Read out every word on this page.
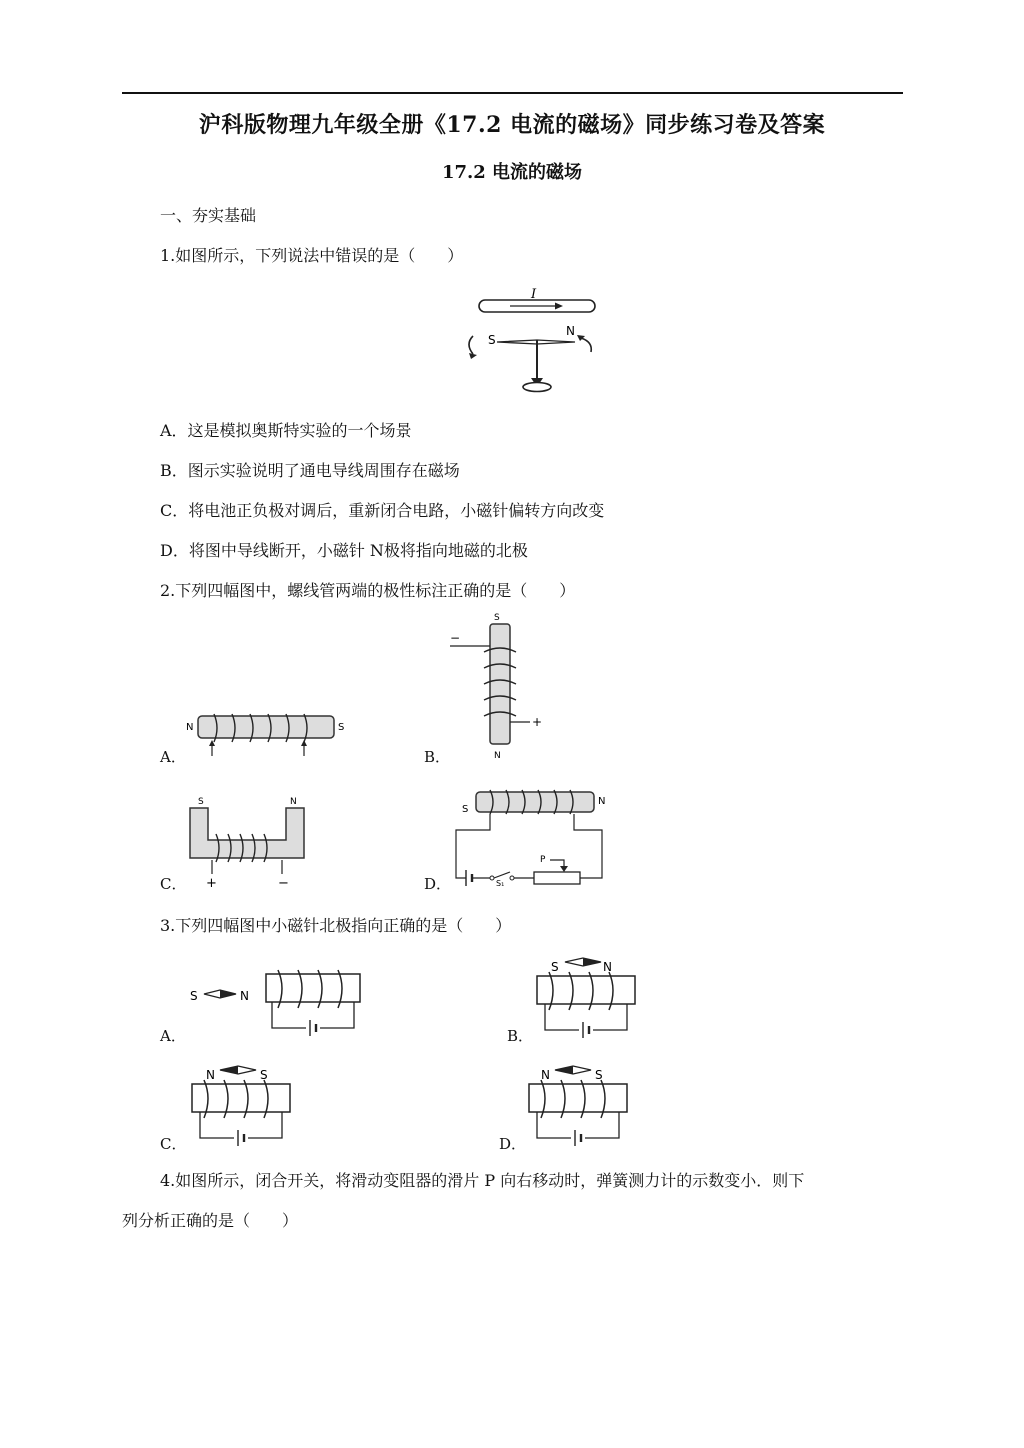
沪科版物理九年级全册《17.2 电流的磁场》同步练习卷及答案
17.2 电流的磁场
一、夯实基础
1.如图所示，下列说法中错误的是（　　）
I
S
N
A．这是模拟奥斯特实验的一个场景
B．图示实验说明了通电导线周围存在磁场
C．将电池正负极对调后，重新闭合电路，小磁针偏转方向改变
D．将图中导线断开，小磁针 N极将指向地磁的北极
2.下列四幅图中，螺线管两端的极性标注正确的是（　　）
A．
N	S
B．
S
−
+
N
C．
S	N
+	−	D．
S
N
S₁
P
3.下列四幅图中小磁针北极指向正确的是（　　）
A．
S	N
B．
S	N
C．
N	S
D．
N	S
4.如图所示，闭合开关，将滑动变阻器的滑片 P 向右移动时，弹簧测力计的示数变小．则下
列分析正确的是（　　）
